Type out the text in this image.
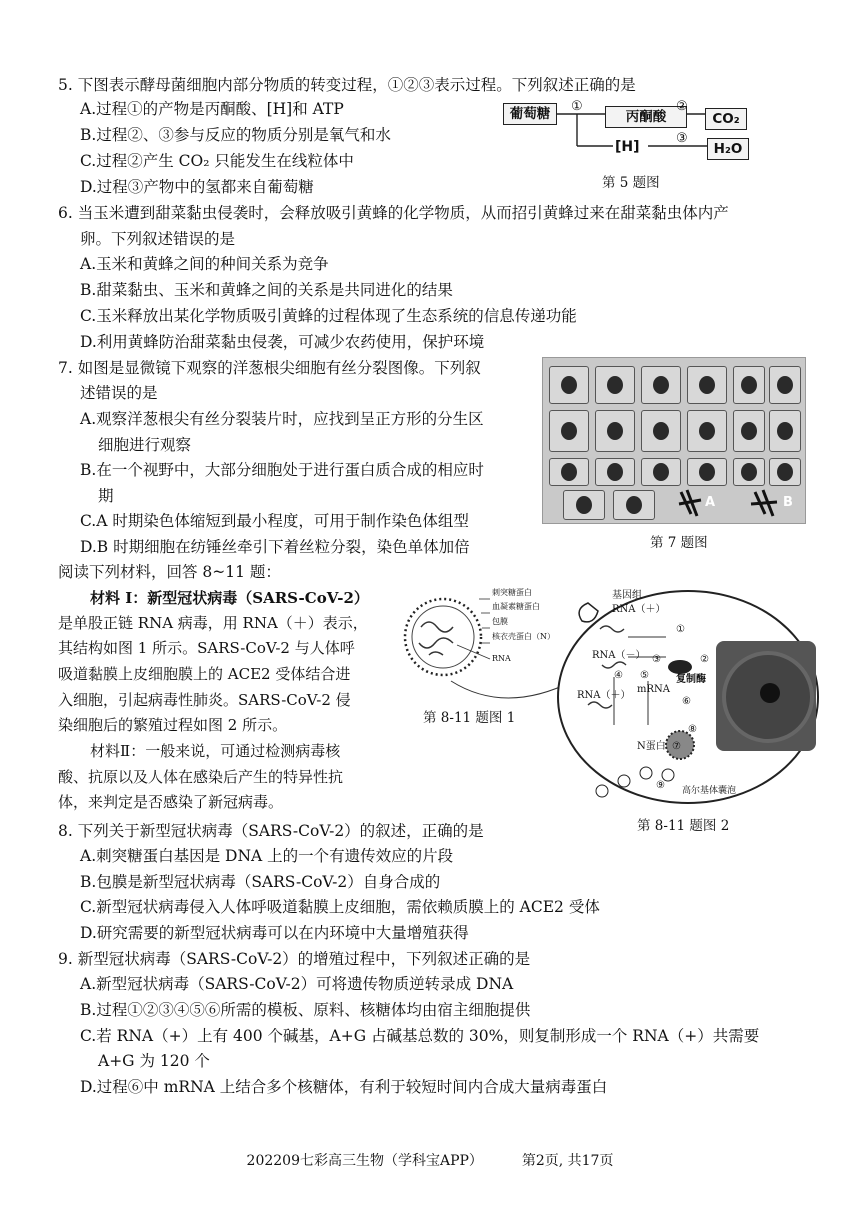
5. 下图表示酵母菌细胞内部分物质的转变过程，①②③表示过程。下列叙述正确的是
A.过程①的产物是丙酮酸、[H]和 ATP
B.过程②、③参与反应的物质分别是氧气和水
C.过程②产生 CO₂ 只能发生在线粒体中
D.过程③产物中的氢都来自葡萄糖
葡萄糖	丙酮酸	CO₂
[H]	H₂O
①	②
③
第 5 题图
6. 当玉米遭到甜菜黏虫侵袭时，会释放吸引黄蜂的化学物质，从而招引黄蜂过来在甜菜黏虫体内产
卵。下列叙述错误的是
A.玉米和黄蜂之间的种间关系为竞争
B.甜菜黏虫、玉米和黄蜂之间的关系是共同进化的结果
C.玉米释放出某化学物质吸引黄蜂的过程体现了生态系统的信息传递功能
D.利用黄蜂防治甜菜黏虫侵袭，可减少农药使用，保护环境
7. 如图是显微镜下观察的洋葱根尖细胞有丝分裂图像。下列叙
述错误的是
A.观察洋葱根尖有丝分裂装片时，应找到呈正方形的分生区
细胞进行观察
B.在一个视野中，大部分细胞处于进行蛋白质合成的相应时
期
C.A 时期染色体缩短到最小程度，可用于制作染色体组型
D.B 时期细胞在纺锤丝牵引下着丝粒分裂，染色单体加倍
A	B
第 7 题图
阅读下列材料，回答 8~11 题：
材料 I：新型冠状病毒（SARS-CoV-2）
是单股正链 RNA 病毒，用 RNA（＋）表示，
其结构如图 1 所示。SARS-CoV-2 与人体呼
吸道黏膜上皮细胞膜上的 ACE2 受体结合进
入细胞，引起病毒性肺炎。SARS-CoV-2 侵
染细胞后的繁殖过程如图 2 所示。
材料Ⅱ：一般来说，可通过检测病毒核
酸、抗原以及人体在感染后产生的特异性抗
体，来判定是否感染了新冠病毒。
刺突糖蛋白
血凝素糖蛋白
包膜
核衣壳蛋白（N）
RNA
第 8-11 题图 1
基因组
RNA（＋）
RNA（－）
RNA（＋）
mRNA
复制酶
N蛋白
高尔基体囊泡
①
②
③
④ ⑤
⑥
⑦
⑧
⑨
第 8-11 题图 2
8. 下列关于新型冠状病毒（SARS-CoV-2）的叙述，正确的是
A.刺突糖蛋白基因是 DNA 上的一个有遗传效应的片段
B.包膜是新型冠状病毒（SARS-CoV-2）自身合成的
C.新型冠状病毒侵入人体呼吸道黏膜上皮细胞，需依赖质膜上的 ACE2 受体
D.研究需要的新型冠状病毒可以在内环境中大量增殖获得
9. 新型冠状病毒（SARS-CoV-2）的增殖过程中，下列叙述正确的是
A.新型冠状病毒（SARS-CoV-2）可将遗传物质逆转录成 DNA
B.过程①②③④⑤⑥所需的模板、原料、核糖体均由宿主细胞提供
C.若 RNA（+）上有 400 个碱基，A+G 占碱基总数的 30%，则复制形成一个 RNA（+）共需要
A+G 为 120 个
D.过程⑥中 mRNA 上结合多个核糖体，有利于较短时间内合成大量病毒蛋白
202209七彩高三生物（学科宝APP）	第2页, 共17页
